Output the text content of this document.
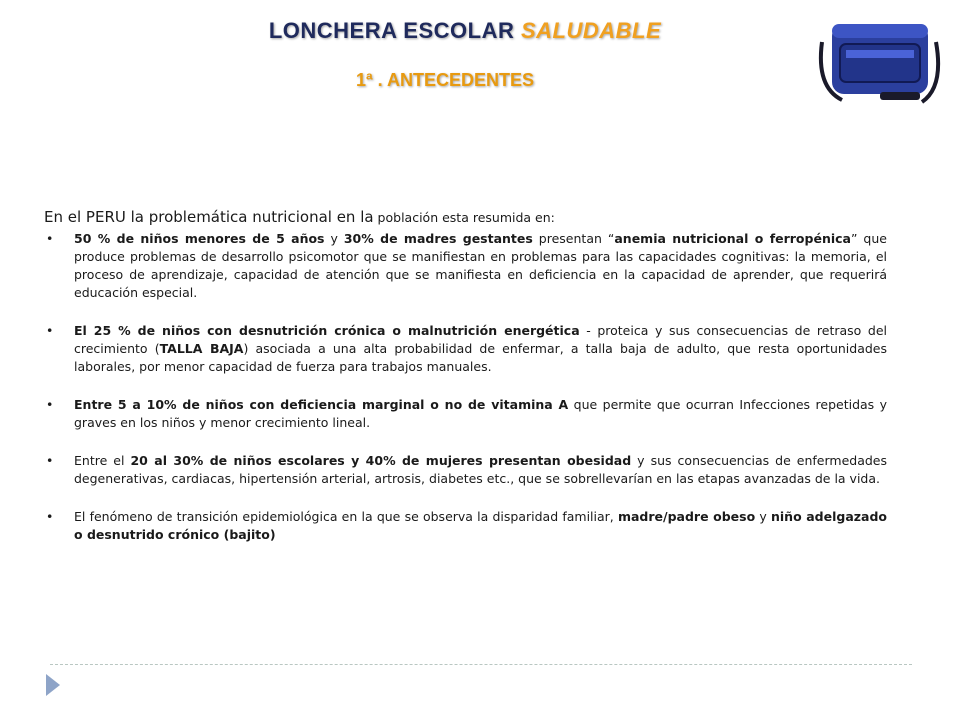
LONCHERA ESCOLAR SALUDABLE
1ª . ANTECEDENTES

En el PERU la problemática nutricional en la población esta resumida en:

• 50 % de niños menores de 5 años y 30% de madres gestantes presentan “anemia nutricional o ferropénica” que produce problemas de desarrollo psicomotor que se manifiestan en problemas para las capacidades cognitivas: la memoria, el proceso de aprendizaje, capacidad de atención que se manifiesta en deficiencia en la capacidad de aprender, que requerirá educación especial.
• El 25 % de niños con desnutrición crónica o malnutrición energética - proteica y sus consecuencias de retraso del crecimiento (TALLA BAJA) asociada a una alta probabilidad de enfermar, a talla baja de adulto, que resta oportunidades laborales, por menor capacidad de fuerza para trabajos manuales.
• Entre 5 a 10% de niños con deficiencia marginal o no de vitamina A que permite que ocurran Infecciones repetidas y graves en los niños y menor crecimiento lineal.
• Entre el 20 al 30% de niños escolares y 40% de mujeres presentan obesidad y sus consecuencias de enfermedades degenerativas, cardiacas, hipertensión arterial, artrosis, diabetes etc., que se sobrellevarían en las etapas avanzadas de la vida.
• El fenómeno de transición epidemiológica en la que se observa la disparidad familiar, madre/padre obeso y niño adelgazado o desnutrido crónico (bajito)
